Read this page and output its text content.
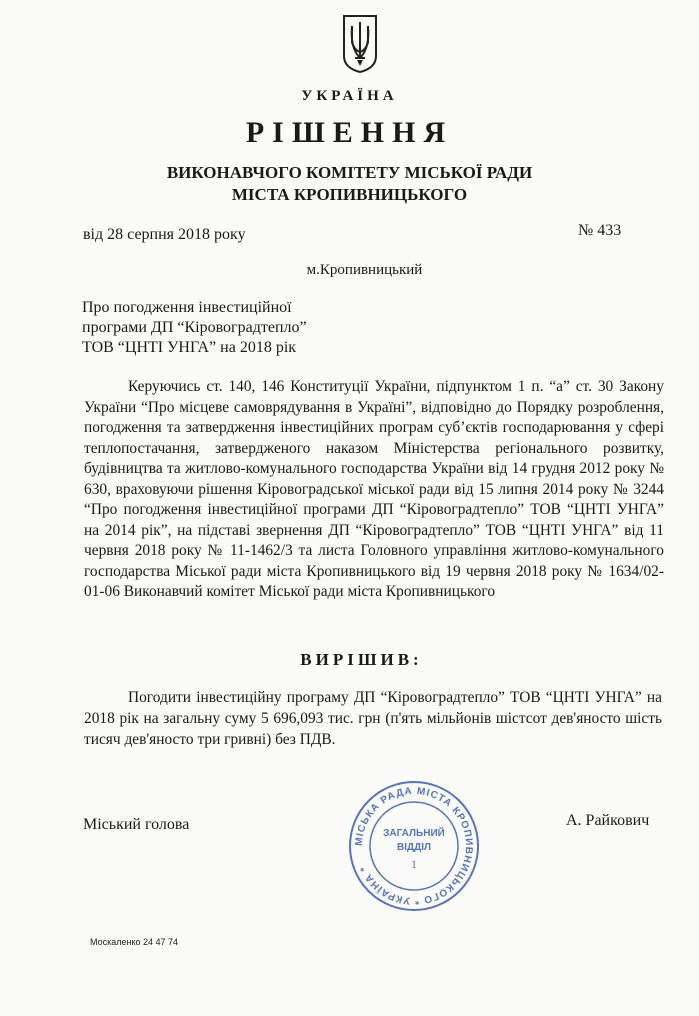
УКРАЇНА
РІШЕННЯ
ВИКОНАВЧОГО КОМІТЕТУ МІСЬКОЇ РАДИ
МІСТА КРОПИВНИЦЬКОГО
від 28 серпня 2018 року	№ 433
м.Кропивницький
Про погодження інвестиційної
програми ДП “Кіровоградтепло”
ТОВ “ЦНТІ УНГА” на 2018 рік
Керуючись ст. 140, 146 Конституції України, підпунктом 1 п. “а” ст. 30 Закону України “Про місцеве самоврядування в Україні”, відповідно до Порядку розроблення, погодження та затвердження інвестиційних програм суб’єктів господарювання у сфері теплопостачання, затвердженого наказом Міністерства регіонального розвитку, будівництва та житлово-комунального господарства України від 14 грудня 2012 року № 630, враховуючи рішення Кіровоградської міської ради від 15 липня 2014 року № 3244 “Про погодження інвестиційної програми ДП “Кіровоградтепло” ТОВ “ЦНТІ УНГА” на 2014 рік”, на підставі звернення ДП “Кіровоградтепло” ТОВ “ЦНТІ УНГА” від 11 червня 2018 року № 11-1462/3 та листа Головного управління житлово-комунального господарства Міської ради міста Кропивницького від 19 червня 2018 року № 1634/02-01-06 Виконавчий комітет Міської ради міста Кропивницького
ВИРІШИВ:
Погодити інвестиційну програму ДП “Кіровоградтепло” ТОВ “ЦНТІ УНГА” на 2018 рік на загальну суму 5 696,093 тис. грн (п'ять мільйонів шістсот дев'яносто шість тисяч дев'яносто три гривні) без ПДВ.
Міський голова	А. Райкович
МІСЬКА РАДА МІСТА КРОПИВНИЦЬКОГО * УКРАЇНА *
ЗАГАЛЬНИЙ
ВІДДІЛ
1
Москаленко 24 47 74
